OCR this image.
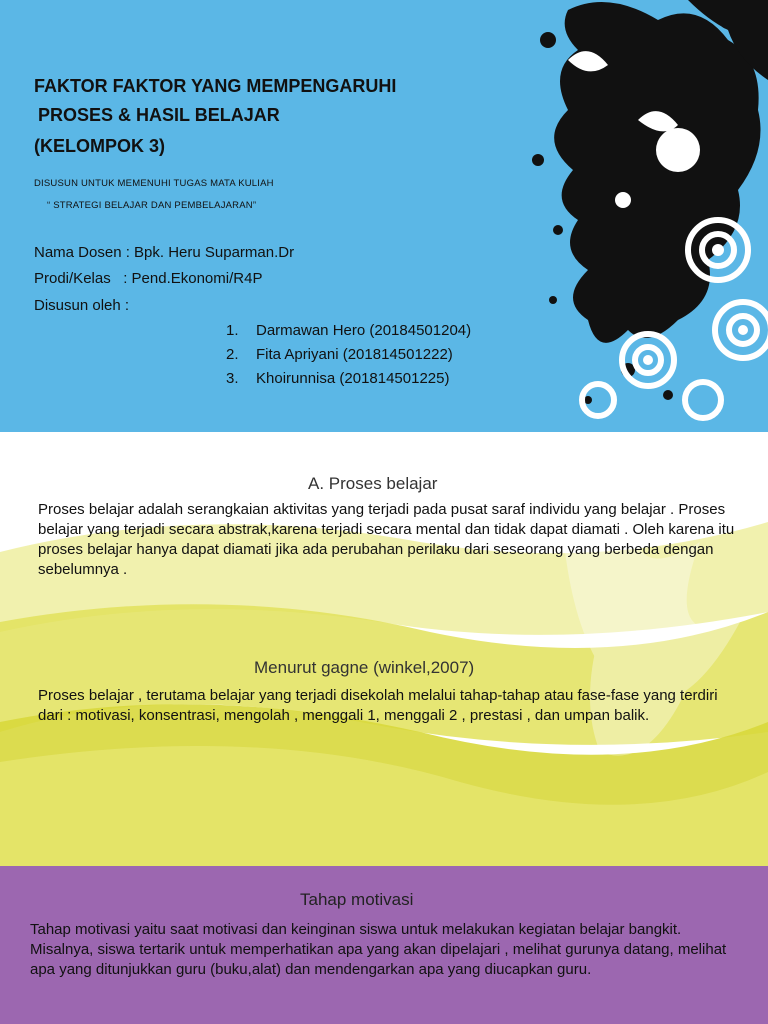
FAKTOR FAKTOR YANG MEMPENGARUHI
PROSES & HASIL BELAJAR
(KELOMPOK 3)
DISUSUN UNTUK MEMENUHI TUGAS MATA KULIAH
“ STRATEGI BELAJAR DAN PEMBELAJARAN”
Nama Dosen : Bpk. Heru Suparman.Dr
Prodi/Kelas   : Pend.Ekonomi/R4P
Disusun oleh :
1. Darmawan Hero (20184501204)
2. Fita Apriyani (201814501222)
3. Khoirunnisa (201814501225)
A. Proses belajar
Proses belajar adalah serangkaian aktivitas yang terjadi pada pusat saraf individu yang belajar . Proses belajar yang terjadi secara abstrak,karena terjadi secara mental dan tidak dapat diamati . Oleh karena itu proses belajar hanya dapat diamati jika ada perubahan perilaku dari seseorang yang berbeda dengan sebelumnya .
Menurut gagne (winkel,2007)
Proses belajar , terutama belajar yang terjadi disekolah melalui tahap-tahap atau fase-fase yang terdiri dari : motivasi, konsentrasi, mengolah , menggali 1, menggali 2 , prestasi , dan umpan balik.
Tahap motivasi
Tahap motivasi yaitu saat motivasi dan keinginan siswa untuk melakukan kegiatan belajar bangkit. Misalnya, siswa tertarik untuk memperhatikan apa yang akan dipelajari , melihat gurunya datang, melihat apa yang ditunjukkan guru (buku,alat) dan mendengarkan apa yang diucapkan guru.
